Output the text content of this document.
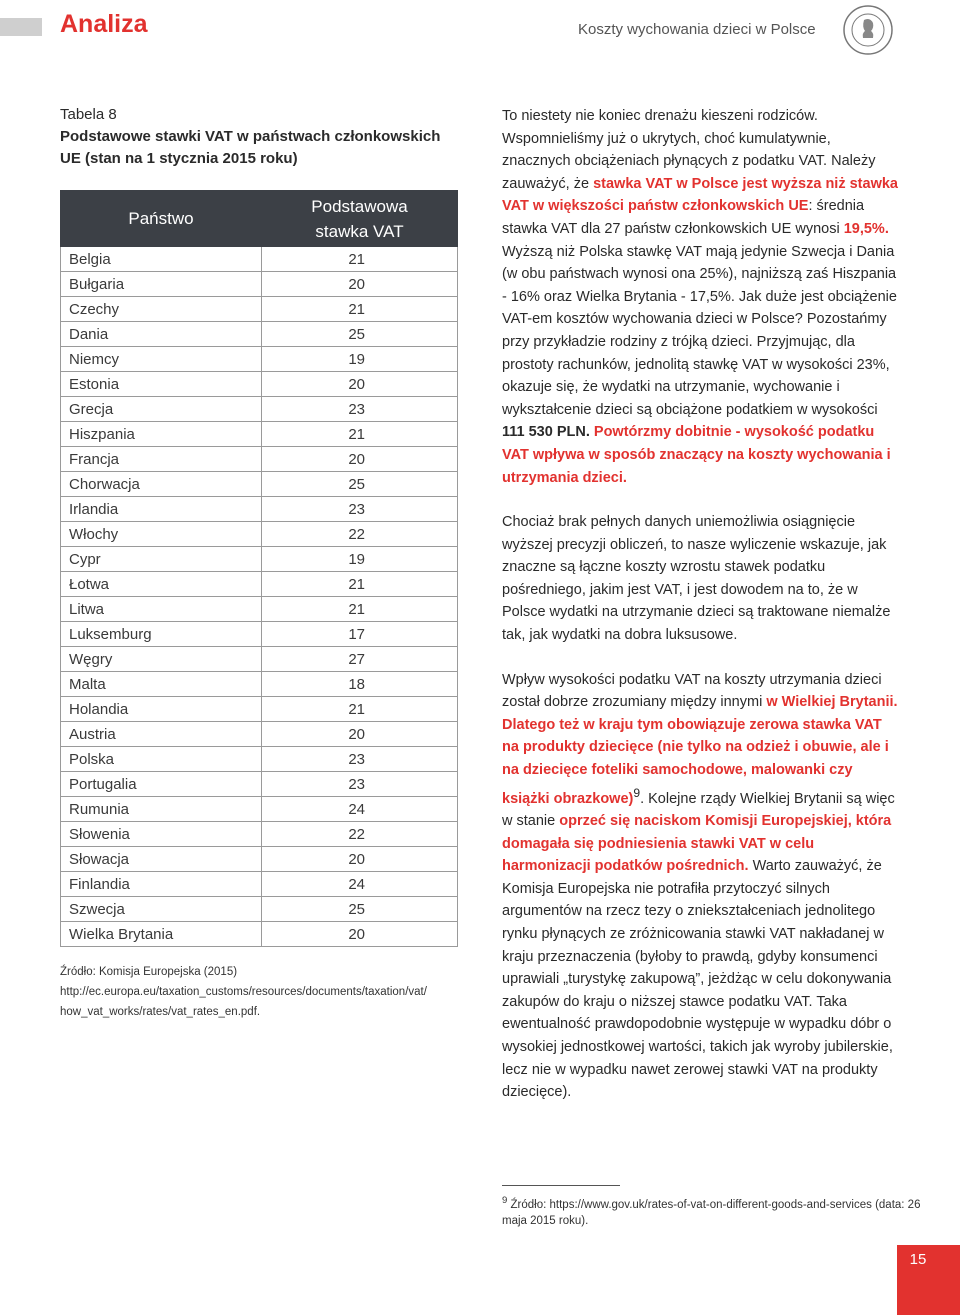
Analiza	Koszty wychowania dzieci w Polsce
Tabela 8
Podstawowe stawki VAT w państwach członkowskich UE (stan na 1 stycznia 2015 roku)
Państwo	Podstawowa stawka VAT
Belgia	21
Bułgaria	20
Czechy	21
Dania	25
Niemcy	19
Estonia	20
Grecja	23
Hiszpania	21
Francja	20
Chorwacja	25
Irlandia	23
Włochy	22
Cypr	19
Łotwa	21
Litwa	21
Luksemburg	17
Węgry	27
Malta	18
Holandia	21
Austria	20
Polska	23
Portugalia	23
Rumunia	24
Słowenia	22
Słowacja	20
Finlandia	24
Szwecja	25
Wielka Brytania	20
Źródło: Komisja Europejska (2015)
http://ec.europa.eu/taxation_customs/resources/documents/taxation/vat/
how_vat_works/rates/vat_rates_en.pdf.

To niestety nie koniec drenażu kieszeni rodziców. Wspomnieliśmy już o ukrytych, choć kumulatywnie, znacznych obciążeniach płynących z podatku VAT. Należy zauważyć, że stawka VAT w Polsce jest wyższa niż stawka VAT w większości państw członkowskich UE: średnia stawka VAT dla 27 państw członkowskich UE wynosi 19,5%. Wyższą niż Polska stawkę VAT mają jedynie Szwecja i Dania (w obu państwach wynosi ona 25%), najniższą zaś Hiszpania - 16% oraz Wielka Brytania - 17,5%. Jak duże jest obciążenie VAT-em kosztów wychowania dzieci w Polsce? Pozostańmy przy przykładzie rodziny z trójką dzieci. Przyjmując, dla prostoty rachunków, jednolitą stawkę VAT w wysokości 23%, okazuje się, że wydatki na utrzymanie, wychowanie i wykształcenie dzieci są obciążone podatkiem w wysokości 111 530 PLN. Powtórzmy dobitnie - wysokość podatku VAT wpływa w sposób znaczący na koszty wychowania i utrzymania dzieci.

Chociaż brak pełnych danych uniemożliwia osiągnięcie wyższej precyzji obliczeń, to nasze wyliczenie wskazuje, jak znaczne są łączne koszty wzrostu stawek podatku pośredniego, jakim jest VAT, i jest dowodem na to, że w Polsce wydatki na utrzymanie dzieci są traktowane niemalże tak, jak wydatki na dobra luksusowe.

Wpływ wysokości podatku VAT na koszty utrzymania dzieci został dobrze zrozumiany między innymi w Wielkiej Brytanii. Dlatego też w kraju tym obowiązuje zerowa stawka VAT na produkty dziecięce (nie tylko na odzież i obuwie, ale i na dziecięce foteliki samochodowe, malowanki czy książki obrazkowe)$^9$. Kolejne rządy Wielkiej Brytanii są więc w stanie oprzeć się naciskom Komisji Europejskiej, która domagała się podniesienia stawki VAT w celu harmonizacji podatków pośrednich. Warto zauważyć, że Komisja Europejska nie potrafiła przytoczyć silnych argumentów na rzecz tezy o zniekształceniach jednolitego rynku płynących ze zróżnicowania stawki VAT nakładanej w kraju przeznaczenia (byłoby to prawdą, gdyby konsumenci uprawiali „turystykę zakupową”, jeżdżąc w celu dokonywania zakupów do kraju o niższej stawce podatku VAT. Taka ewentualność prawdopodobnie występuje w wypadku dóbr o wysokiej jednostkowej wartości, takich jak wyroby jubilerskie, lecz nie w wypadku nawet zerowej stawki VAT na produkty dziecięce).

$^9$ Źródło: https://www.gov.uk/rates-of-vat-on-different-goods-and-services (data: 26 maja 2015 roku).
15
